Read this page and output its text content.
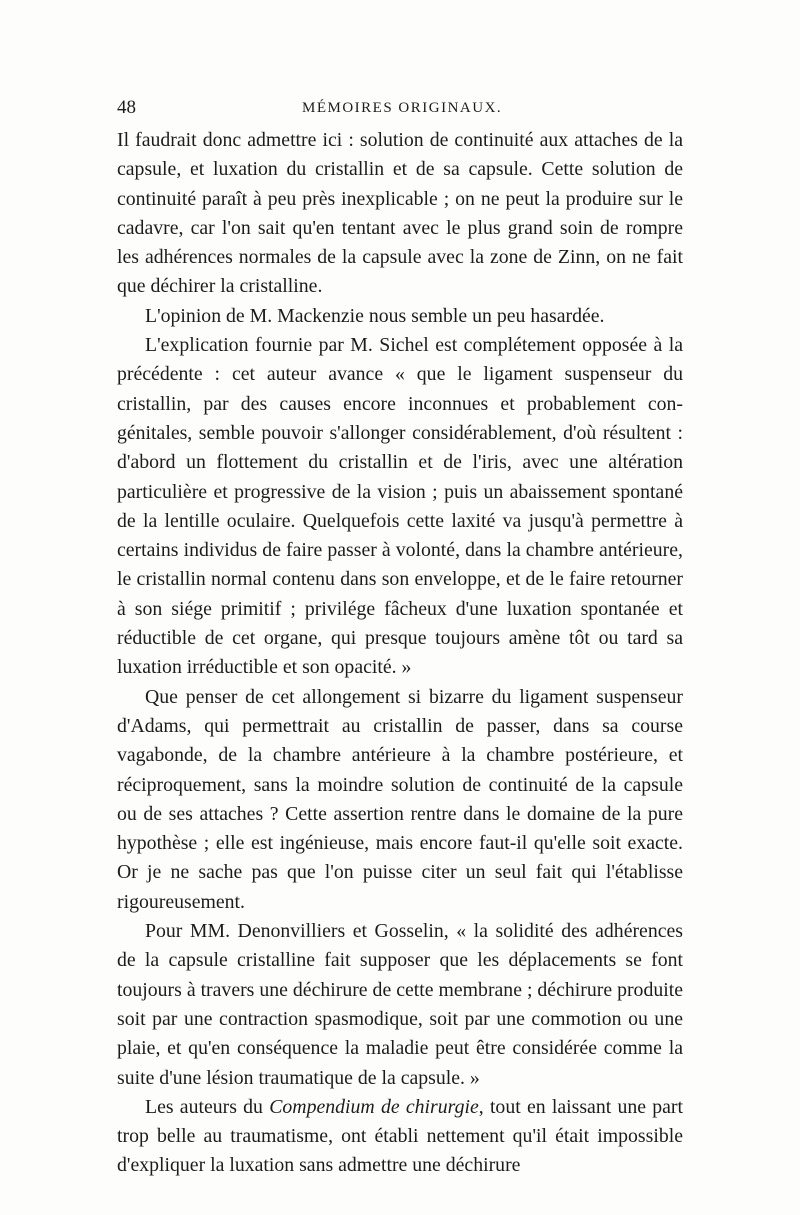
48	MÉMOIRES ORIGINAUX.

Il faudrait donc admettre ici : solution de continuité aux attaches de la capsule, et luxation du cristallin et de sa capsule. Cette solution de continuité paraît à peu près inexplicable ; on ne peut la produire sur le cadavre, car l'on sait qu'en tentant avec le plus grand soin de rompre les adhérences normales de la capsule avec la zone de Zinn, on ne fait que déchirer la cristalline.

L'opinion de M. Mackenzie nous semble un peu hasardée.

L'explication fournie par M. Sichel est complétement opposée à la précédente : cet auteur avance « que le ligament suspenseur du cristallin, par des causes encore inconnues et probablement congénitales, semble pouvoir s'allonger considérablement, d'où résultent : d'abord un flottement du cristallin et de l'iris, avec une altération particulière et progressive de la vision ; puis un abaissement spontané de la lentille oculaire. Quelquefois cette laxité va jusqu'à permettre à certains individus de faire passer à volonté, dans la chambre antérieure, le cristallin normal contenu dans son enveloppe, et de le faire retourner à son siége primitif ; privilége fâcheux d'une luxation spontanée et réductible de cet organe, qui presque toujours amène tôt ou tard sa luxation irréductible et son opacité. »

Que penser de cet allongement si bizarre du ligament suspenseur d'Adams, qui permettrait au cristallin de passer, dans sa course vagabonde, de la chambre antérieure à la chambre postérieure, et réciproquement, sans la moindre solution de continuité de la capsule ou de ses attaches ? Cette assertion rentre dans le domaine de la pure hypothèse ; elle est ingénieuse, mais encore faut-il qu'elle soit exacte. Or je ne sache pas que l'on puisse citer un seul fait qui l'établisse rigoureusement.

Pour MM. Denonvilliers et Gosselin, « la solidité des adhérences de la capsule cristalline fait supposer que les déplacements se font toujours à travers une déchirure de cette membrane ; déchirure produite soit par une contraction spasmodique, soit par une commotion ou une plaie, et qu'en conséquence la maladie peut être considérée comme la suite d'une lésion traumatique de la capsule. »

Les auteurs du Compendium de chirurgie, tout en laissant une part trop belle au traumatisme, ont établi nettement qu'il était impossible d'expliquer la luxation sans admettre une déchirure
